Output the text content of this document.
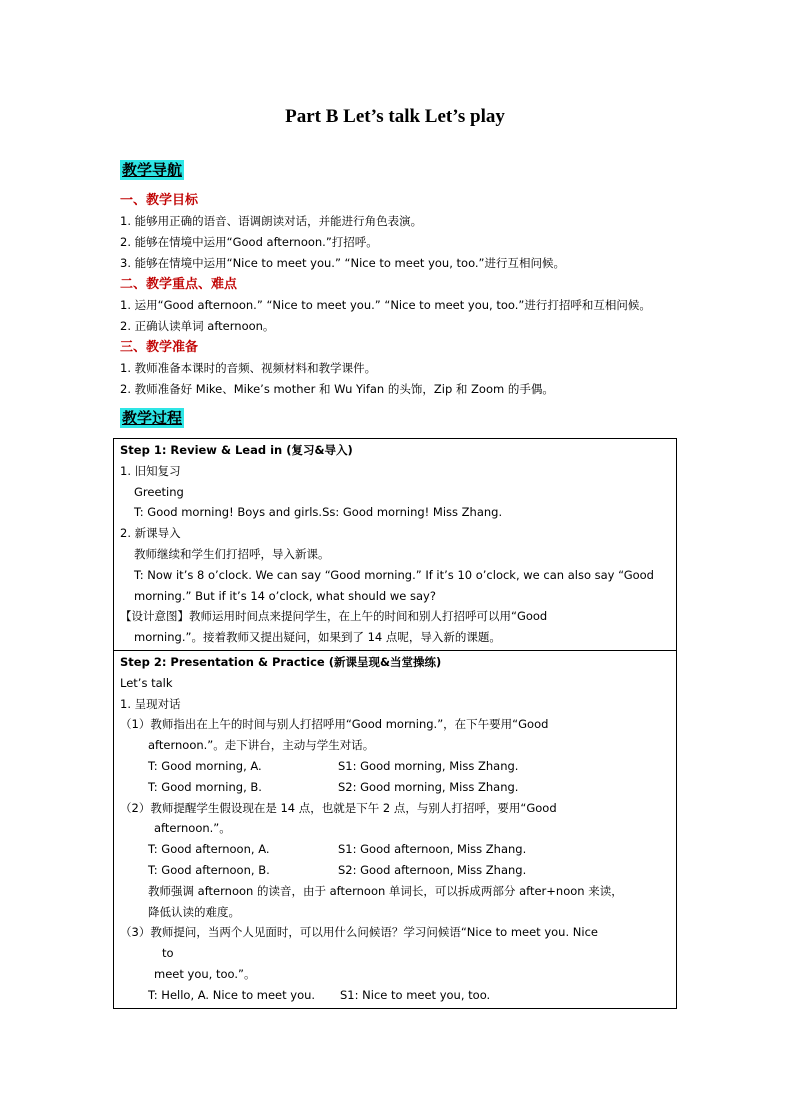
Part B Let’s talk Let’s play
教学导航
一、教学目标
1. 能够用正确的语音、语调朗读对话，并能进行角色表演。
2. 能够在情境中运用“Good afternoon.”打招呼。
3. 能够在情境中运用“Nice to meet you.” “Nice to meet you, too.”进行互相问候。
二、教学重点、难点
1. 运用“Good afternoon.” “Nice to meet you.” “Nice to meet you, too.”进行打招呼和互相问候。
2. 正确认读单词 afternoon。
三、教学准备
1. 教师准备本课时的音频、视频材料和教学课件。
2. 教师准备好 Mike、Mike’s mother 和 Wu Yifan 的头饰，Zip 和 Zoom 的手偶。
教学过程
Step 1: Review & Lead in (复习&导入)
1. 旧知复习
Greeting
T: Good morning! Boys and girls.Ss: Good morning! Miss Zhang.
2. 新课导入
教师继续和学生们打招呼，导入新课。
T: Now it’s 8 o’clock. We can say “Good morning.” If it’s 10 o’clock, we can also say “Good
morning.” But if it’s 14 o’clock, what should we say?
【设计意图】教师运用时间点来提问学生，在上午的时间和别人打招呼可以用“Good
morning.”。接着教师又提出疑问，如果到了 14 点呢，导入新的课题。

Step 2: Presentation & Practice (新课呈现&当堂操练)
Let’s talk
1. 呈现对话
（1）教师指出在上午的时间与别人打招呼用“Good morning.”，在下午要用“Good
afternoon.”。走下讲台，主动与学生对话。
T: Good morning, A.	S1: Good morning, Miss Zhang.
T: Good morning, B.	S2: Good morning, Miss Zhang.
（2）教师提醒学生假设现在是 14 点，也就是下午 2 点，与别人打招呼，要用“Good
afternoon.”。
T: Good afternoon, A.	S1: Good afternoon, Miss Zhang.
T: Good afternoon, B.	S2: Good afternoon, Miss Zhang.
教师强调 afternoon 的读音，由于 afternoon 单词长，可以拆成两部分 after+noon 来读，
降低认读的难度。
（3）教师提问，当两个人见面时，可以用什么问候语？学习问候语“Nice to meet you. Nice
to
meet you, too.”。
T: Hello, A. Nice to meet you. S1: Nice to meet you, too.
